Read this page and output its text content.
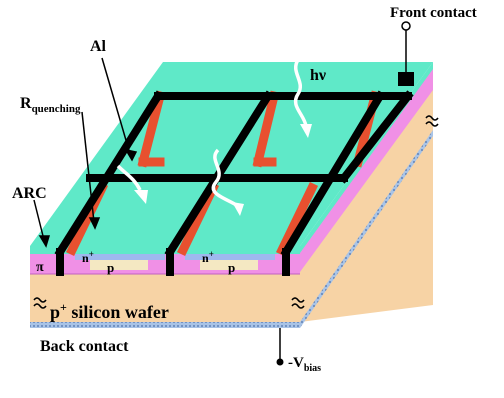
Front contact
Al
$R_{quenching}$
hν
ARC
π
n+
p
n+
p
p+ silicon wafer
Back contact
$-V_{bias}$
